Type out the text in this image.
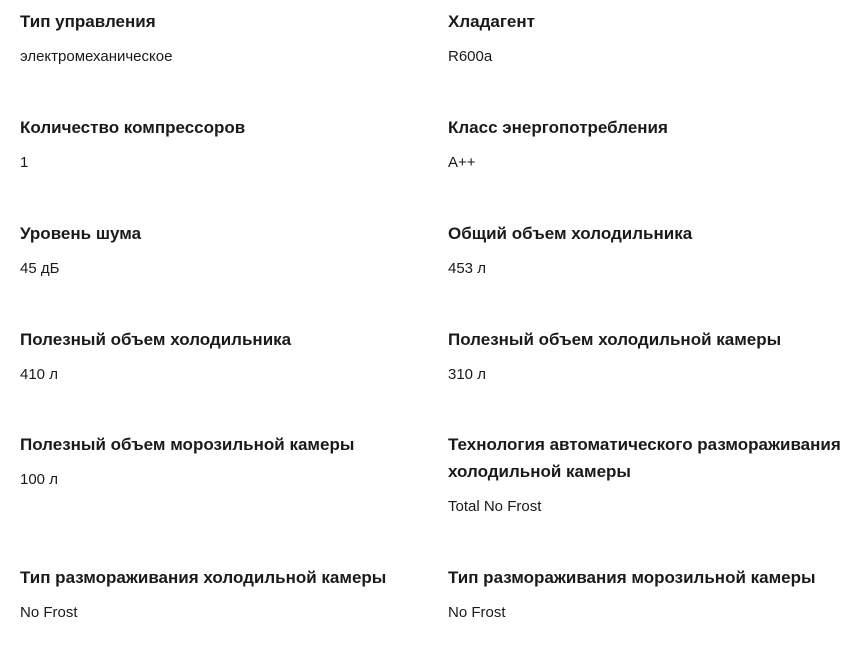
Тип управления
электромеханическое
Хладагент
R600a
Количество компрессоров
1
Класс энергопотребления
A++
Уровень шума
45 дБ
Общий объем холодильника
453 л
Полезный объем холодильника
410 л
Полезный объем холодильной камеры
310 л
Полезный объем морозильной камеры
100 л
Технология автоматического размораживания холодильной камеры
Total No Frost
Тип размораживания холодильной камеры
No Frost
Тип размораживания морозильной камеры
No Frost
